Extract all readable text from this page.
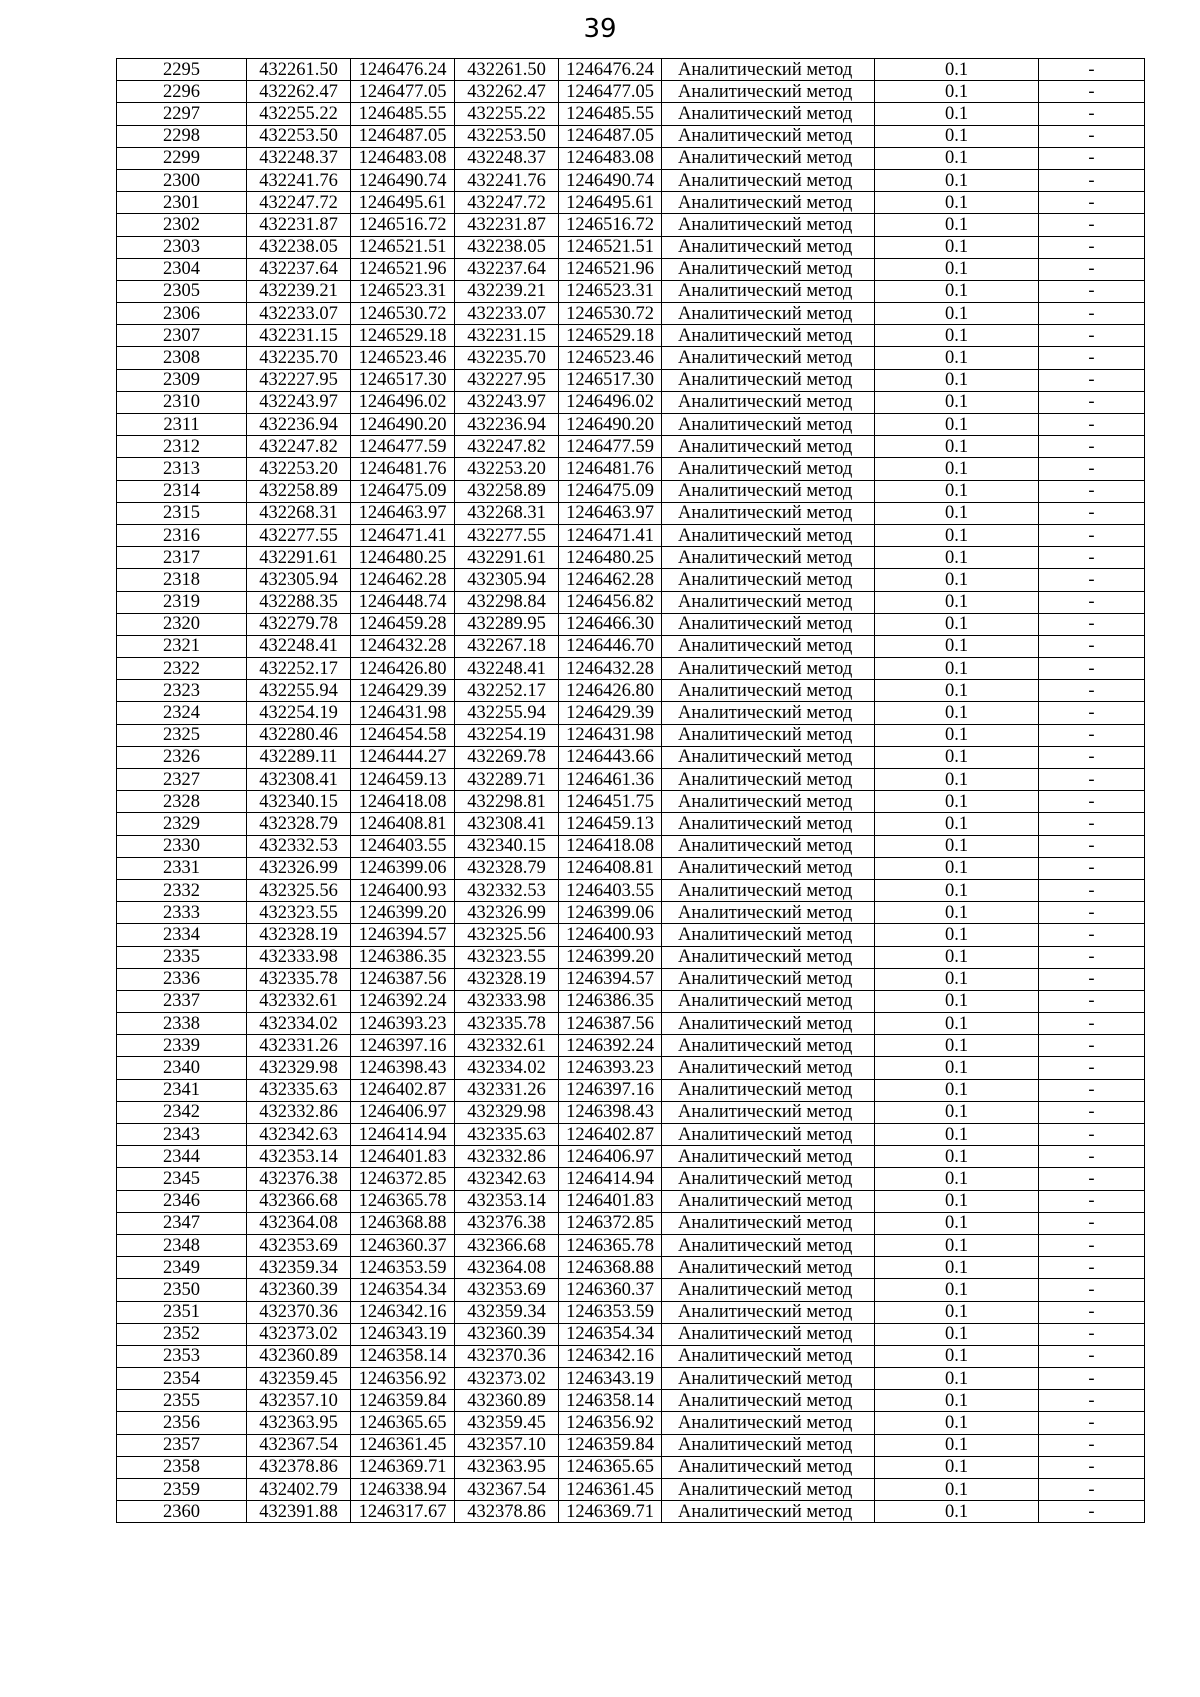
39
2295	432261.50	1246476.24	432261.50	1246476.24	Аналитический метод	0.1	-
2296	432262.47	1246477.05	432262.47	1246477.05	Аналитический метод	0.1	-
2297	432255.22	1246485.55	432255.22	1246485.55	Аналитический метод	0.1	-
2298	432253.50	1246487.05	432253.50	1246487.05	Аналитический метод	0.1	-
2299	432248.37	1246483.08	432248.37	1246483.08	Аналитический метод	0.1	-
2300	432241.76	1246490.74	432241.76	1246490.74	Аналитический метод	0.1	-
2301	432247.72	1246495.61	432247.72	1246495.61	Аналитический метод	0.1	-
2302	432231.87	1246516.72	432231.87	1246516.72	Аналитический метод	0.1	-
2303	432238.05	1246521.51	432238.05	1246521.51	Аналитический метод	0.1	-
2304	432237.64	1246521.96	432237.64	1246521.96	Аналитический метод	0.1	-
2305	432239.21	1246523.31	432239.21	1246523.31	Аналитический метод	0.1	-
2306	432233.07	1246530.72	432233.07	1246530.72	Аналитический метод	0.1	-
2307	432231.15	1246529.18	432231.15	1246529.18	Аналитический метод	0.1	-
2308	432235.70	1246523.46	432235.70	1246523.46	Аналитический метод	0.1	-
2309	432227.95	1246517.30	432227.95	1246517.30	Аналитический метод	0.1	-
2310	432243.97	1246496.02	432243.97	1246496.02	Аналитический метод	0.1	-
2311	432236.94	1246490.20	432236.94	1246490.20	Аналитический метод	0.1	-
2312	432247.82	1246477.59	432247.82	1246477.59	Аналитический метод	0.1	-
2313	432253.20	1246481.76	432253.20	1246481.76	Аналитический метод	0.1	-
2314	432258.89	1246475.09	432258.89	1246475.09	Аналитический метод	0.1	-
2315	432268.31	1246463.97	432268.31	1246463.97	Аналитический метод	0.1	-
2316	432277.55	1246471.41	432277.55	1246471.41	Аналитический метод	0.1	-
2317	432291.61	1246480.25	432291.61	1246480.25	Аналитический метод	0.1	-
2318	432305.94	1246462.28	432305.94	1246462.28	Аналитический метод	0.1	-
2319	432288.35	1246448.74	432298.84	1246456.82	Аналитический метод	0.1	-
2320	432279.78	1246459.28	432289.95	1246466.30	Аналитический метод	0.1	-
2321	432248.41	1246432.28	432267.18	1246446.70	Аналитический метод	0.1	-
2322	432252.17	1246426.80	432248.41	1246432.28	Аналитический метод	0.1	-
2323	432255.94	1246429.39	432252.17	1246426.80	Аналитический метод	0.1	-
2324	432254.19	1246431.98	432255.94	1246429.39	Аналитический метод	0.1	-
2325	432280.46	1246454.58	432254.19	1246431.98	Аналитический метод	0.1	-
2326	432289.11	1246444.27	432269.78	1246443.66	Аналитический метод	0.1	-
2327	432308.41	1246459.13	432289.71	1246461.36	Аналитический метод	0.1	-
2328	432340.15	1246418.08	432298.81	1246451.75	Аналитический метод	0.1	-
2329	432328.79	1246408.81	432308.41	1246459.13	Аналитический метод	0.1	-
2330	432332.53	1246403.55	432340.15	1246418.08	Аналитический метод	0.1	-
2331	432326.99	1246399.06	432328.79	1246408.81	Аналитический метод	0.1	-
2332	432325.56	1246400.93	432332.53	1246403.55	Аналитический метод	0.1	-
2333	432323.55	1246399.20	432326.99	1246399.06	Аналитический метод	0.1	-
2334	432328.19	1246394.57	432325.56	1246400.93	Аналитический метод	0.1	-
2335	432333.98	1246386.35	432323.55	1246399.20	Аналитический метод	0.1	-
2336	432335.78	1246387.56	432328.19	1246394.57	Аналитический метод	0.1	-
2337	432332.61	1246392.24	432333.98	1246386.35	Аналитический метод	0.1	-
2338	432334.02	1246393.23	432335.78	1246387.56	Аналитический метод	0.1	-
2339	432331.26	1246397.16	432332.61	1246392.24	Аналитический метод	0.1	-
2340	432329.98	1246398.43	432334.02	1246393.23	Аналитический метод	0.1	-
2341	432335.63	1246402.87	432331.26	1246397.16	Аналитический метод	0.1	-
2342	432332.86	1246406.97	432329.98	1246398.43	Аналитический метод	0.1	-
2343	432342.63	1246414.94	432335.63	1246402.87	Аналитический метод	0.1	-
2344	432353.14	1246401.83	432332.86	1246406.97	Аналитический метод	0.1	-
2345	432376.38	1246372.85	432342.63	1246414.94	Аналитический метод	0.1	-
2346	432366.68	1246365.78	432353.14	1246401.83	Аналитический метод	0.1	-
2347	432364.08	1246368.88	432376.38	1246372.85	Аналитический метод	0.1	-
2348	432353.69	1246360.37	432366.68	1246365.78	Аналитический метод	0.1	-
2349	432359.34	1246353.59	432364.08	1246368.88	Аналитический метод	0.1	-
2350	432360.39	1246354.34	432353.69	1246360.37	Аналитический метод	0.1	-
2351	432370.36	1246342.16	432359.34	1246353.59	Аналитический метод	0.1	-
2352	432373.02	1246343.19	432360.39	1246354.34	Аналитический метод	0.1	-
2353	432360.89	1246358.14	432370.36	1246342.16	Аналитический метод	0.1	-
2354	432359.45	1246356.92	432373.02	1246343.19	Аналитический метод	0.1	-
2355	432357.10	1246359.84	432360.89	1246358.14	Аналитический метод	0.1	-
2356	432363.95	1246365.65	432359.45	1246356.92	Аналитический метод	0.1	-
2357	432367.54	1246361.45	432357.10	1246359.84	Аналитический метод	0.1	-
2358	432378.86	1246369.71	432363.95	1246365.65	Аналитический метод	0.1	-
2359	432402.79	1246338.94	432367.54	1246361.45	Аналитический метод	0.1	-
2360	432391.88	1246317.67	432378.86	1246369.71	Аналитический метод	0.1	-
